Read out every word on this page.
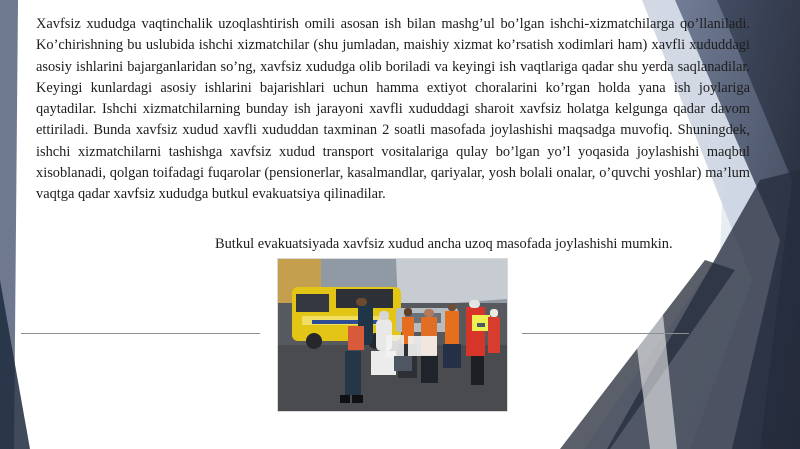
Xavfsiz xududga vaqtinchalik uzoqlashtirish omili asosan ish bilan mashg’ul bo’lgan ishchi-xizmatchilarga qo’llaniladi. Ko’chirishning bu uslubida ishchi xizmatchilar (shu jumladan, maishiy xizmat ko’rsatish xodimlari ham) xavfli xududdagi asosiy ishlarini bajarganlaridan so’ng, xavfsiz xududga olib boriladi va keyingi ish vaqtlariga qadar shu yerda saqlanadilar. Keyingi kunlardagi asosiy ishlarini bajarishlari uchun hamma extiyot choralarini ko’rgan holda yana ish joylariga qaytadilar. Ishchi xizmatchilarning bunday ish jarayoni xavfli xududdagi sharoit xavfsiz holatga kelgunga qadar davom ettiriladi. Bunda xavfsiz xudud xavfli xududdan taxminan 2 soatli masofada joylashishi maqsadga muvofiq. Shuningdek, ishchi xizmatchilarni tashishga xavfsiz xudud transport vositalariga qulay bo’lgan yo’l yoqasida joylashishi maqbul xisoblanadi, qolgan toifadagi fuqarolar (pensionerlar, kasalmandlar, qariyalar, yosh bolali onalar, o’quvchi yoshlar) ma’lum vaqtga qadar xavfsiz xududga butkul evakuatsiya qilinadilar.

Butkul evakuatsiyada xavfsiz xudud ancha uzoq masofada joylashishi mumkin.
